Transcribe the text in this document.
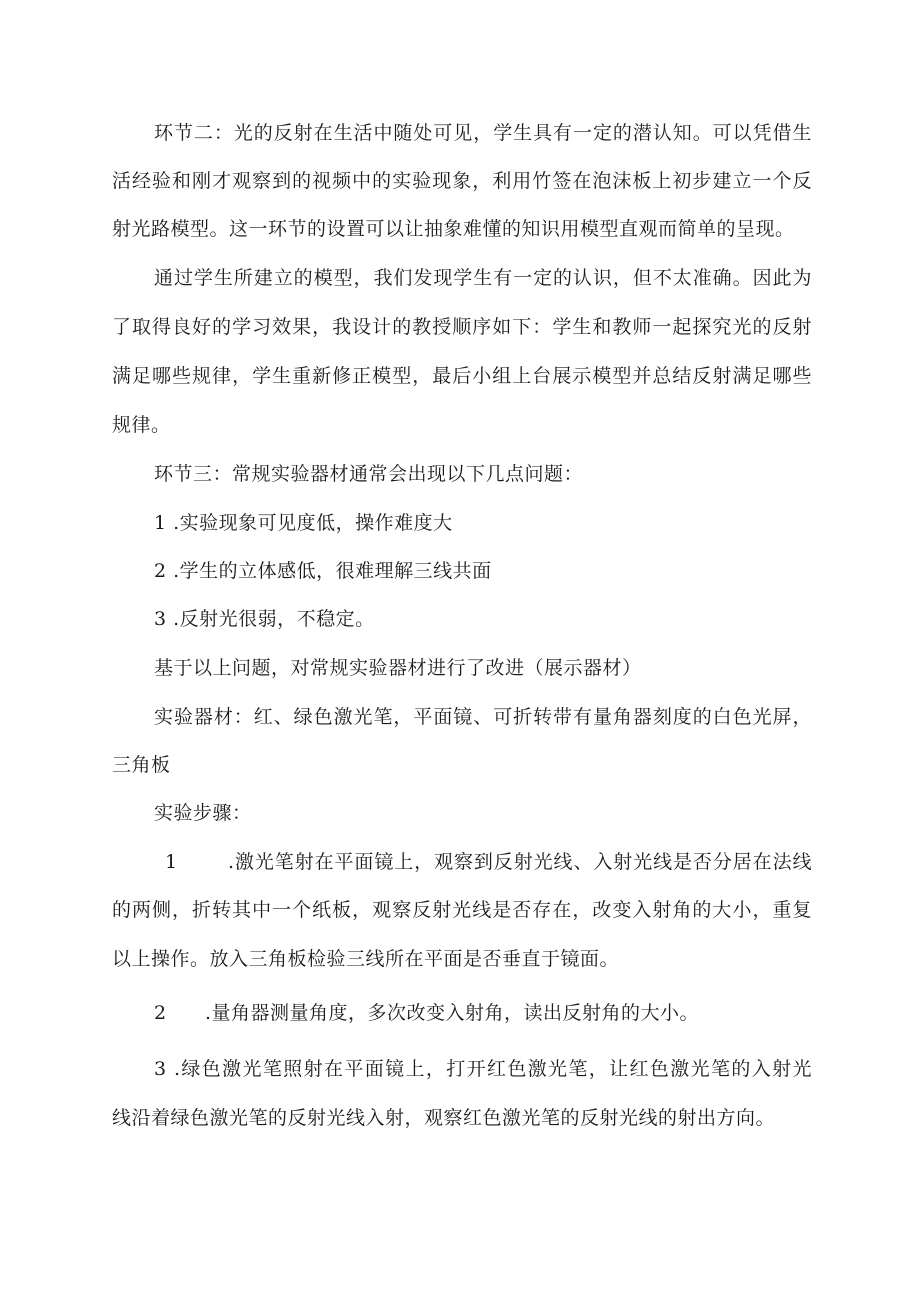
环节二：光的反射在生活中随处可见，学生具有一定的潜认知。可以凭借生
活经验和刚才观察到的视频中的实验现象，利用竹签在泡沫板上初步建立一个反
射光路模型。这一环节的设置可以让抽象难懂的知识用模型直观而简单的呈现。
通过学生所建立的模型，我们发现学生有一定的认识，但不太准确。因此为
了取得良好的学习效果，我设计的教授顺序如下：学生和教师一起探究光的反射
满足哪些规律，学生重新修正模型，最后小组上台展示模型并总结反射满足哪些
规律。
环节三：常规实验器材通常会出现以下几点问题：
1 .实验现象可见度低，操作难度大
2 .学生的立体感低，很难理解三线共面
3 .反射光很弱，不稳定。
基于以上问题，对常规实验器材进行了改进（展示器材）
实验器材：红、绿色激光笔，平面镜、可折转带有量角器刻度的白色光屏，
三角板
实验步骤：
1	.激光笔射在平面镜上，观察到反射光线、入射光线是否分居在法线
的两侧，折转其中一个纸板，观察反射光线是否存在，改变入射角的大小，重复
以上操作。放入三角板检验三线所在平面是否垂直于镜面。
2	.量角器测量角度，多次改变入射角，读出反射角的大小。
3 .绿色激光笔照射在平面镜上，打开红色激光笔，让红色激光笔的入射光
线沿着绿色激光笔的反射光线入射，观察红色激光笔的反射光线的射出方向。
